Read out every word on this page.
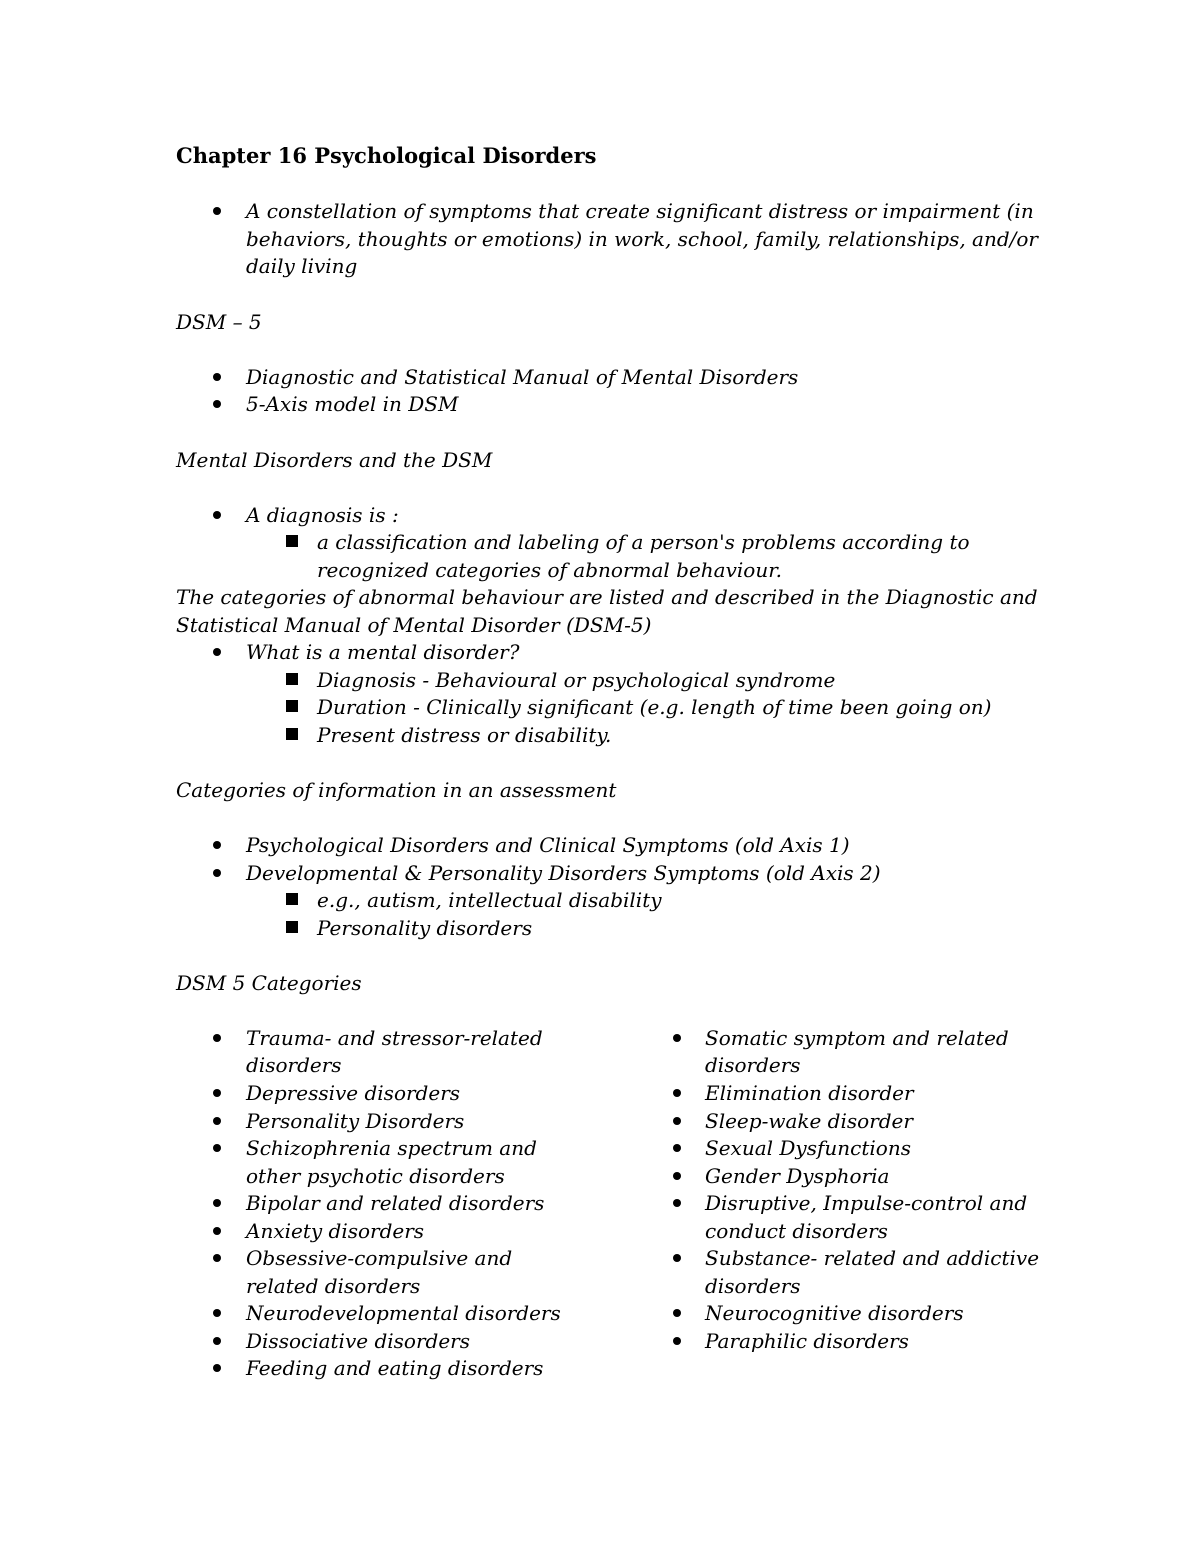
Chapter 16 Psychological Disorders
A constellation of symptoms that create significant distress or impairment (in
behaviors, thoughts or emotions) in work, school, family, relationships, and/or
daily living
DSM – 5
Diagnostic and Statistical Manual of Mental Disorders
5-Axis model in DSM
Mental Disorders and the DSM
A diagnosis is :
a classification and labeling of a person's problems according to
recognized categories of abnormal behaviour.
The categories of abnormal behaviour are listed and described in the Diagnostic and
Statistical Manual of Mental Disorder (DSM-5)
What is a mental disorder?
Diagnosis - Behavioural or psychological syndrome
Duration - Clinically significant (e.g. length of time been going on)
Present distress or disability.
Categories of information in an assessment
Psychological Disorders and Clinical Symptoms (old Axis 1)
Developmental & Personality Disorders Symptoms (old Axis 2)
e.g., autism, intellectual disability
Personality disorders
DSM 5 Categories
Trauma- and stressor-related
disorders
Depressive disorders
Personality Disorders
Schizophrenia spectrum and
other psychotic disorders
Bipolar and related disorders
Anxiety disorders
Obsessive-compulsive and
related disorders
Neurodevelopmental disorders
Dissociative disorders
Feeding and eating disorders
Somatic symptom and related
disorders
Elimination disorder
Sleep-wake disorder
Sexual Dysfunctions
Gender Dysphoria
Disruptive, Impulse-control and
conduct disorders
Substance- related and addictive
disorders
Neurocognitive disorders
Paraphilic disorders
